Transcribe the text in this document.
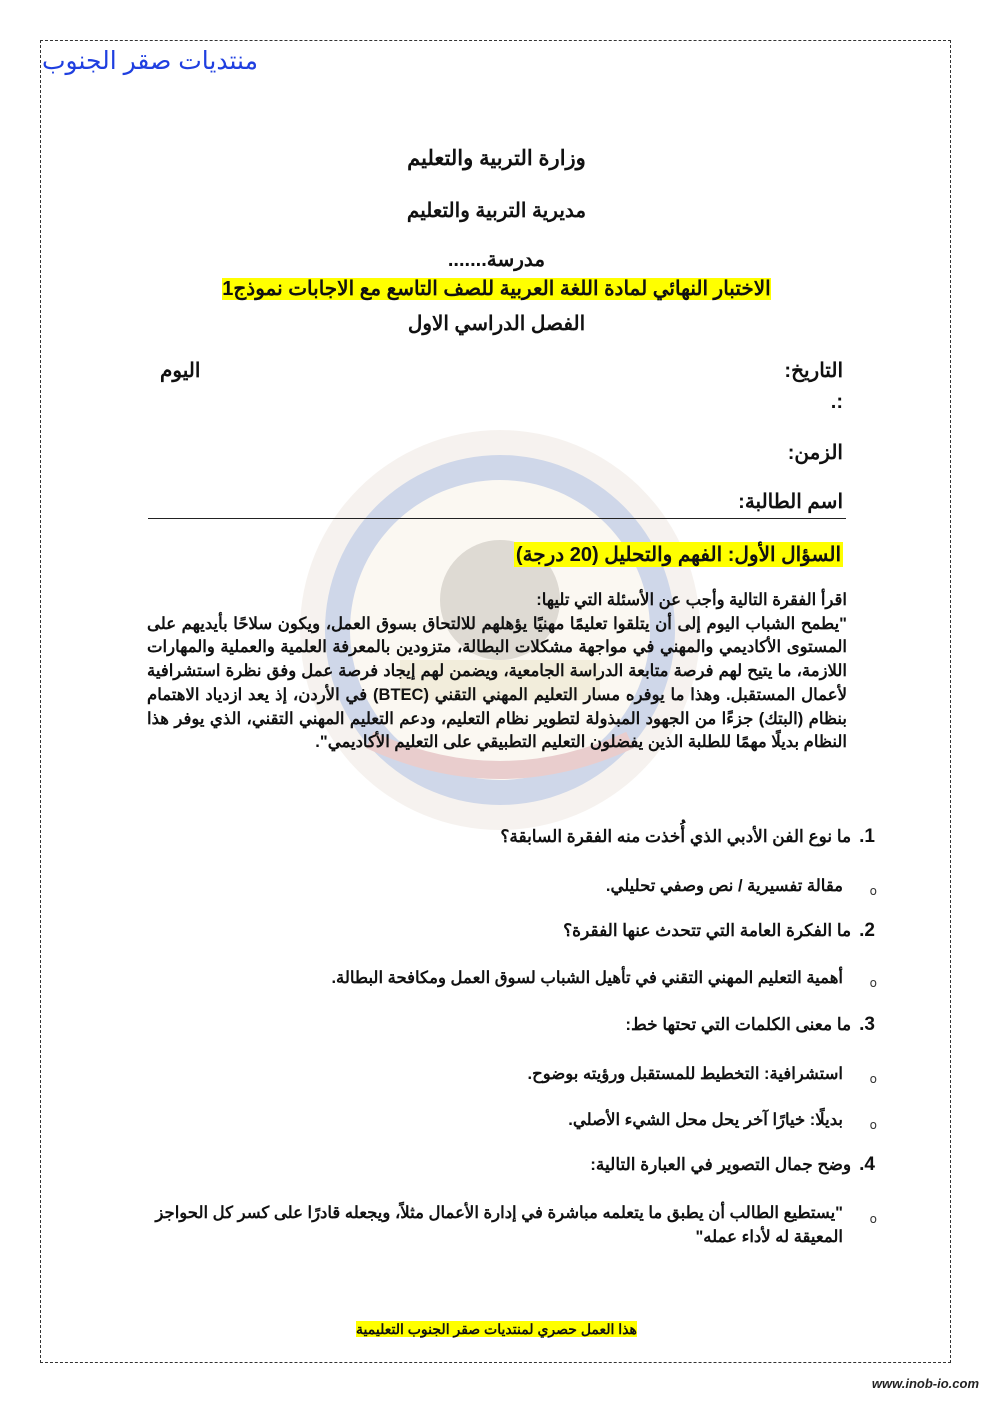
منتديات صقر الجنوب
وزارة التربية والتعليم
مديرية التربية والتعليم
مدرسة.......
الاختبار النهائي لمادة اللغة العربية للصف التاسع مع الاجابات نموذج1
الفصل الدراسي الاول
التاريخ:
:.
اليوم
الزمن:
اسم الطالبة:
السؤال الأول: الفهم والتحليل (20 درجة)

اقرأ الفقرة التالية وأجب عن الأسئلة التي تليها:

"يطمح الشباب اليوم إلى أن يتلقوا تعليمًا مهنيًا يؤهلهم للالتحاق بسوق العمل، ويكون سلاحًا بأيديهم على المستوى الأكاديمي والمهني في مواجهة مشكلات البطالة، متزودين بالمعرفة العلمية والعملية والمهارات اللازمة، ما يتيح لهم فرصة متابعة الدراسة الجامعية، ويضمن لهم إيجاد فرصة عمل وفق نظرة استشرافية لأعمال المستقبل. وهذا ما يوفره مسار التعليم المهني التقني (BTEC) في الأردن، إذ يعد ازدياد الاهتمام بنظام (البتك) جزءًا من الجهود المبذولة لتطوير نظام التعليم، ودعم التعليم المهني التقني، الذي يوفر هذا النظام بديلًا مهمًا للطلبة الذين يفضلون التعليم التطبيقي على التعليم الأكاديمي".

1.ما نوع الفن الأدبي الذي أُخذت منه الفقرة السابقة؟
o
مقالة تفسيرية / نص وصفي تحليلي.
2.ما الفكرة العامة التي تتحدث عنها الفقرة؟
o
أهمية التعليم المهني التقني في تأهيل الشباب لسوق العمل ومكافحة البطالة.
3.ما معنى الكلمات التي تحتها خط:
o
استشرافية: التخطيط للمستقبل ورؤيته بوضوح.
o
بديلًا: خيارًا آخر يحل محل الشيء الأصلي.
4.وضح جمال التصوير في العبارة التالية:
o
"يستطيع الطالب أن يطبق ما يتعلمه مباشرة في إدارة الأعمال مثلاً، ويجعله قادرًا على كسر كل الحواجز المعيقة له لأداء عمله"
هذا العمل حصري لمنتديات صقر الجنوب التعليمية
www.inob-io.com
